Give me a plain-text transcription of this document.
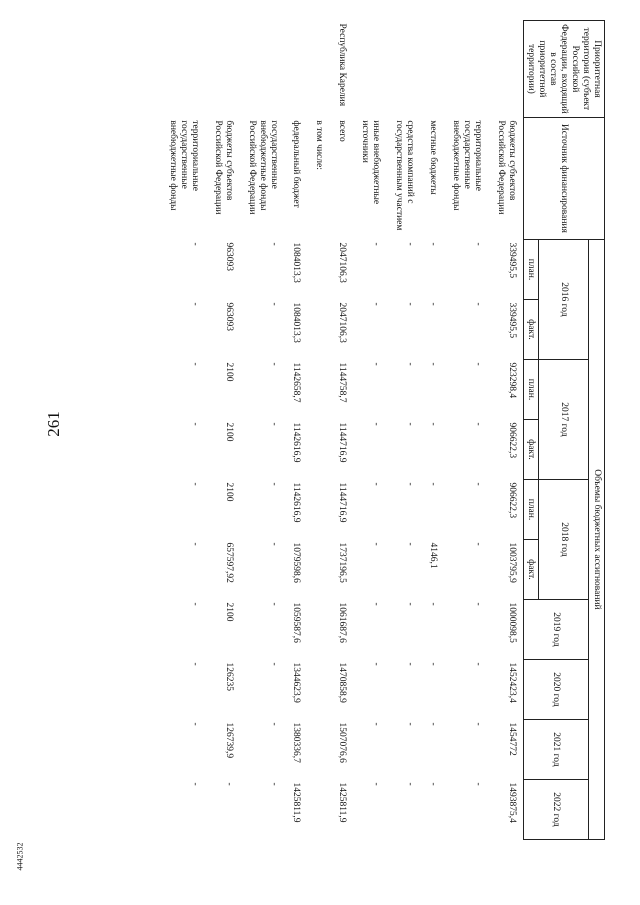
261
4442532
Приоритетная территория (субъект Российской Федерации, входящий в состав приоритетной территории)	Источник финансирования	Объемы бюджетных ассигнований									
		2016 год		2017 год		2018 год		2019 год	2020 год	2021 год	2022 год
		план.	факт.	план.	факт.	план.	факт.				
	бюджеты субъектов Российской Федерации	339495,5	339495,5	923298,4	906622,3	906622,3	1003795,9	1000098,5	1452423,4	1454772	1493875,4
	территориальные государственные внебюджетные фонды	-	-	-	-	-	-	-	-	-	-
	местные бюджеты	-	-	-	-	-	4146,1	-	-	-	-
	средства компаний с государственным участием	-	-	-	-	-	-	-	-	-	-
	иные внебюджетные источники	-	-	-	-	-	-	-	-	-	-
Республика Карелия	всего	2047106,3	2047106,3	1144758,7	1144716,9	1144716,9	1737196,5	1061687,6	1470858,9	1507076,6	1425811,9
	в том числе:										
	федеральный бюджет	1084013,3	1084013,3	1142658,7	1142616,9	1142616,9	1079598,6	1059587,6	1344623,9	1380336,7	1425811,9
	государственные внебюджетные фонды Российской Федерации	-	-	-	-	-	-	-	-	-	-
	бюджеты субъектов Российской Федерации	963093	963093	2100	2100	2100	657597,92	2100	126235	126739,9	-
	территориальные государственные внебюджетные фонды	-	-	-	-	-	-	-	-	-	-
